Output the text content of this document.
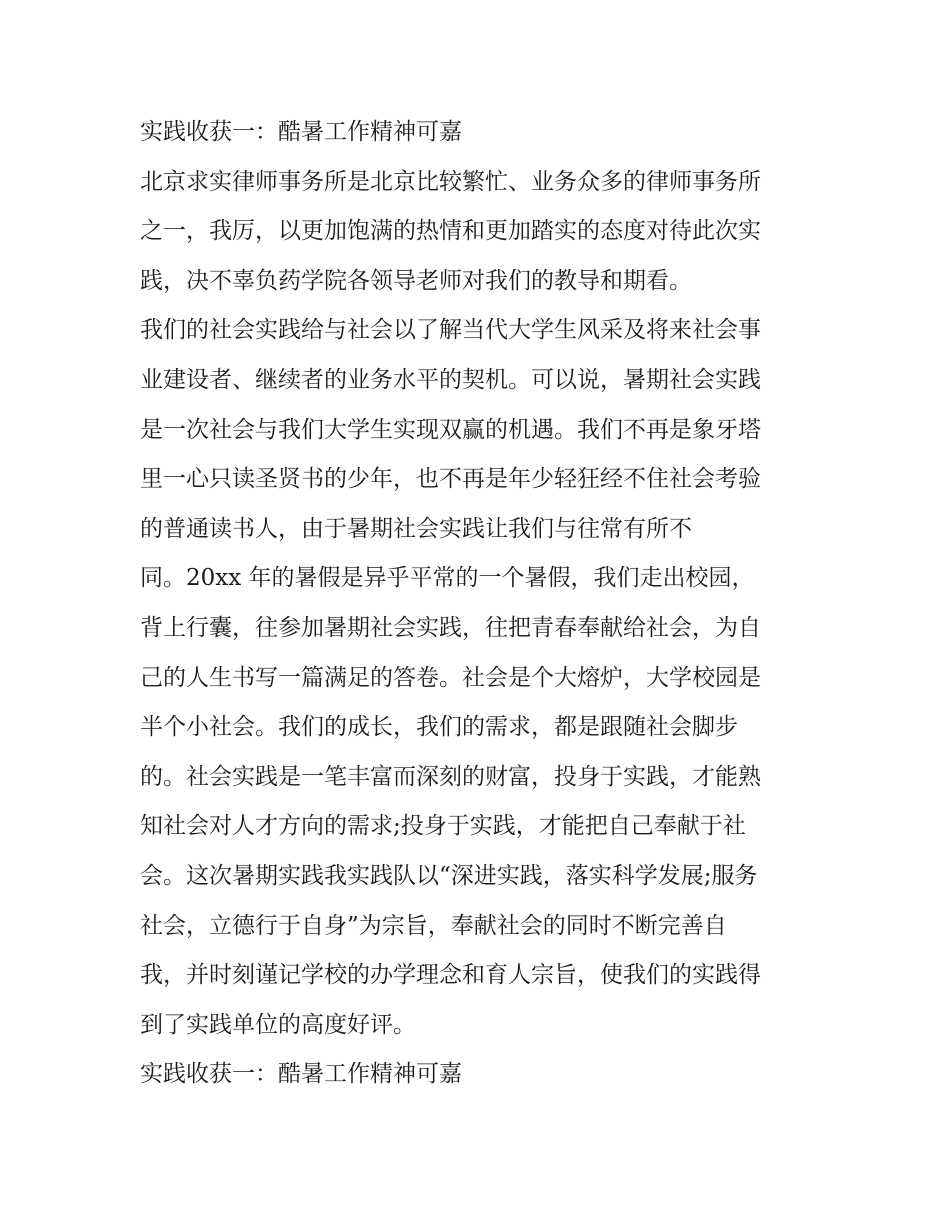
实践收获一：酷暑工作精神可嘉
北京求实律师事务所是北京比较繁忙、业务众多的律师事务所
之一，我厉，以更加饱满的热情和更加踏实的态度对待此次实
践，决不辜负药学院各领导老师对我们的教导和期看。
我们的社会实践给与社会以了解当代大学生风采及将来社会事
业建设者、继续者的业务水平的契机。可以说，暑期社会实践
是一次社会与我们大学生实现双赢的机遇。我们不再是象牙塔
里一心只读圣贤书的少年，也不再是年少轻狂经不住社会考验
的普通读书人，由于暑期社会实践让我们与往常有所不
同。20xx 年的暑假是异乎平常的一个暑假，我们走出校园，
背上行囊，往参加暑期社会实践，往把青春奉献给社会，为自
己的人生书写一篇满足的答卷。社会是个大熔炉，大学校园是
半个小社会。我们的成长，我们的需求，都是跟随社会脚步
的。社会实践是一笔丰富而深刻的财富，投身于实践，才能熟
知社会对人才方向的需求;投身于实践，才能把自己奉献于社
会。这次暑期实践我实践队以“深进实践，落实科学发展;服务
社会，立德行于自身”为宗旨，奉献社会的同时不断完善自
我，并时刻谨记学校的办学理念和育人宗旨，使我们的实践得
到了实践单位的高度好评。
实践收获一：酷暑工作精神可嘉
